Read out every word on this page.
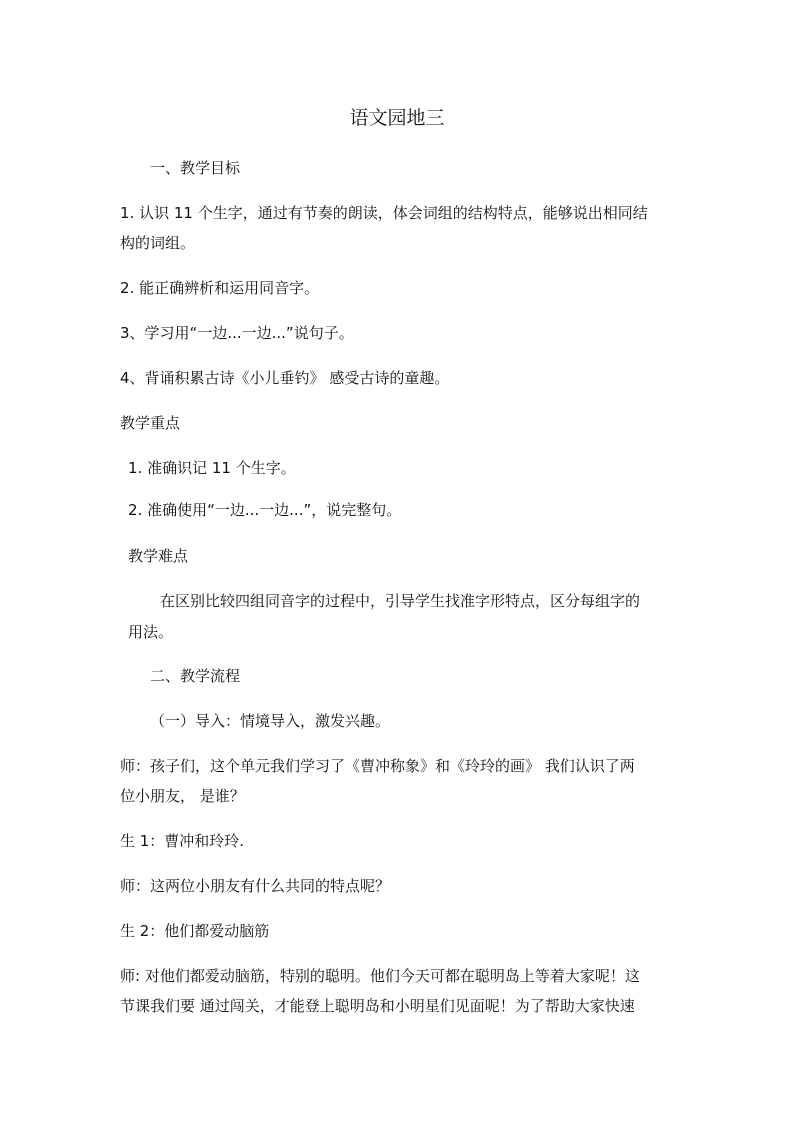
语文园地三

一、教学目标

1. 认识 11 个生字，通过有节奏的朗读，体会词组的结构特点，能够说出相同结

构的词组。

2. 能正确辨析和运用同音字。

3、学习用“一边...一边...”说句子。

4、背诵积累古诗《小儿垂钓》 感受古诗的童趣。

教学重点

1. 准确识记 11 个生字。

2. 准确使用“一边...一边...”，说完整句。

教学难点

在区别比较四组同音字的过程中，引导学生找准字形特点，区分每组字的

用法。

二、教学流程

（一）导入：情境导入，激发兴趣。

师：孩子们，这个单元我们学习了《曹冲称象》和《玲玲的画》 我们认识了两

位小朋友， 是谁？

生 1：曹冲和玲玲.

师：这两位小朋友有什么共同的特点呢？

生 2：他们都爱动脑筋

师: 对他们都爱动脑筋，特别的聪明。他们今天可都在聪明岛上等着大家呢！这

节课我们要 通过闯关，才能登上聪明岛和小明星们见面呢！为了帮助大家快速
